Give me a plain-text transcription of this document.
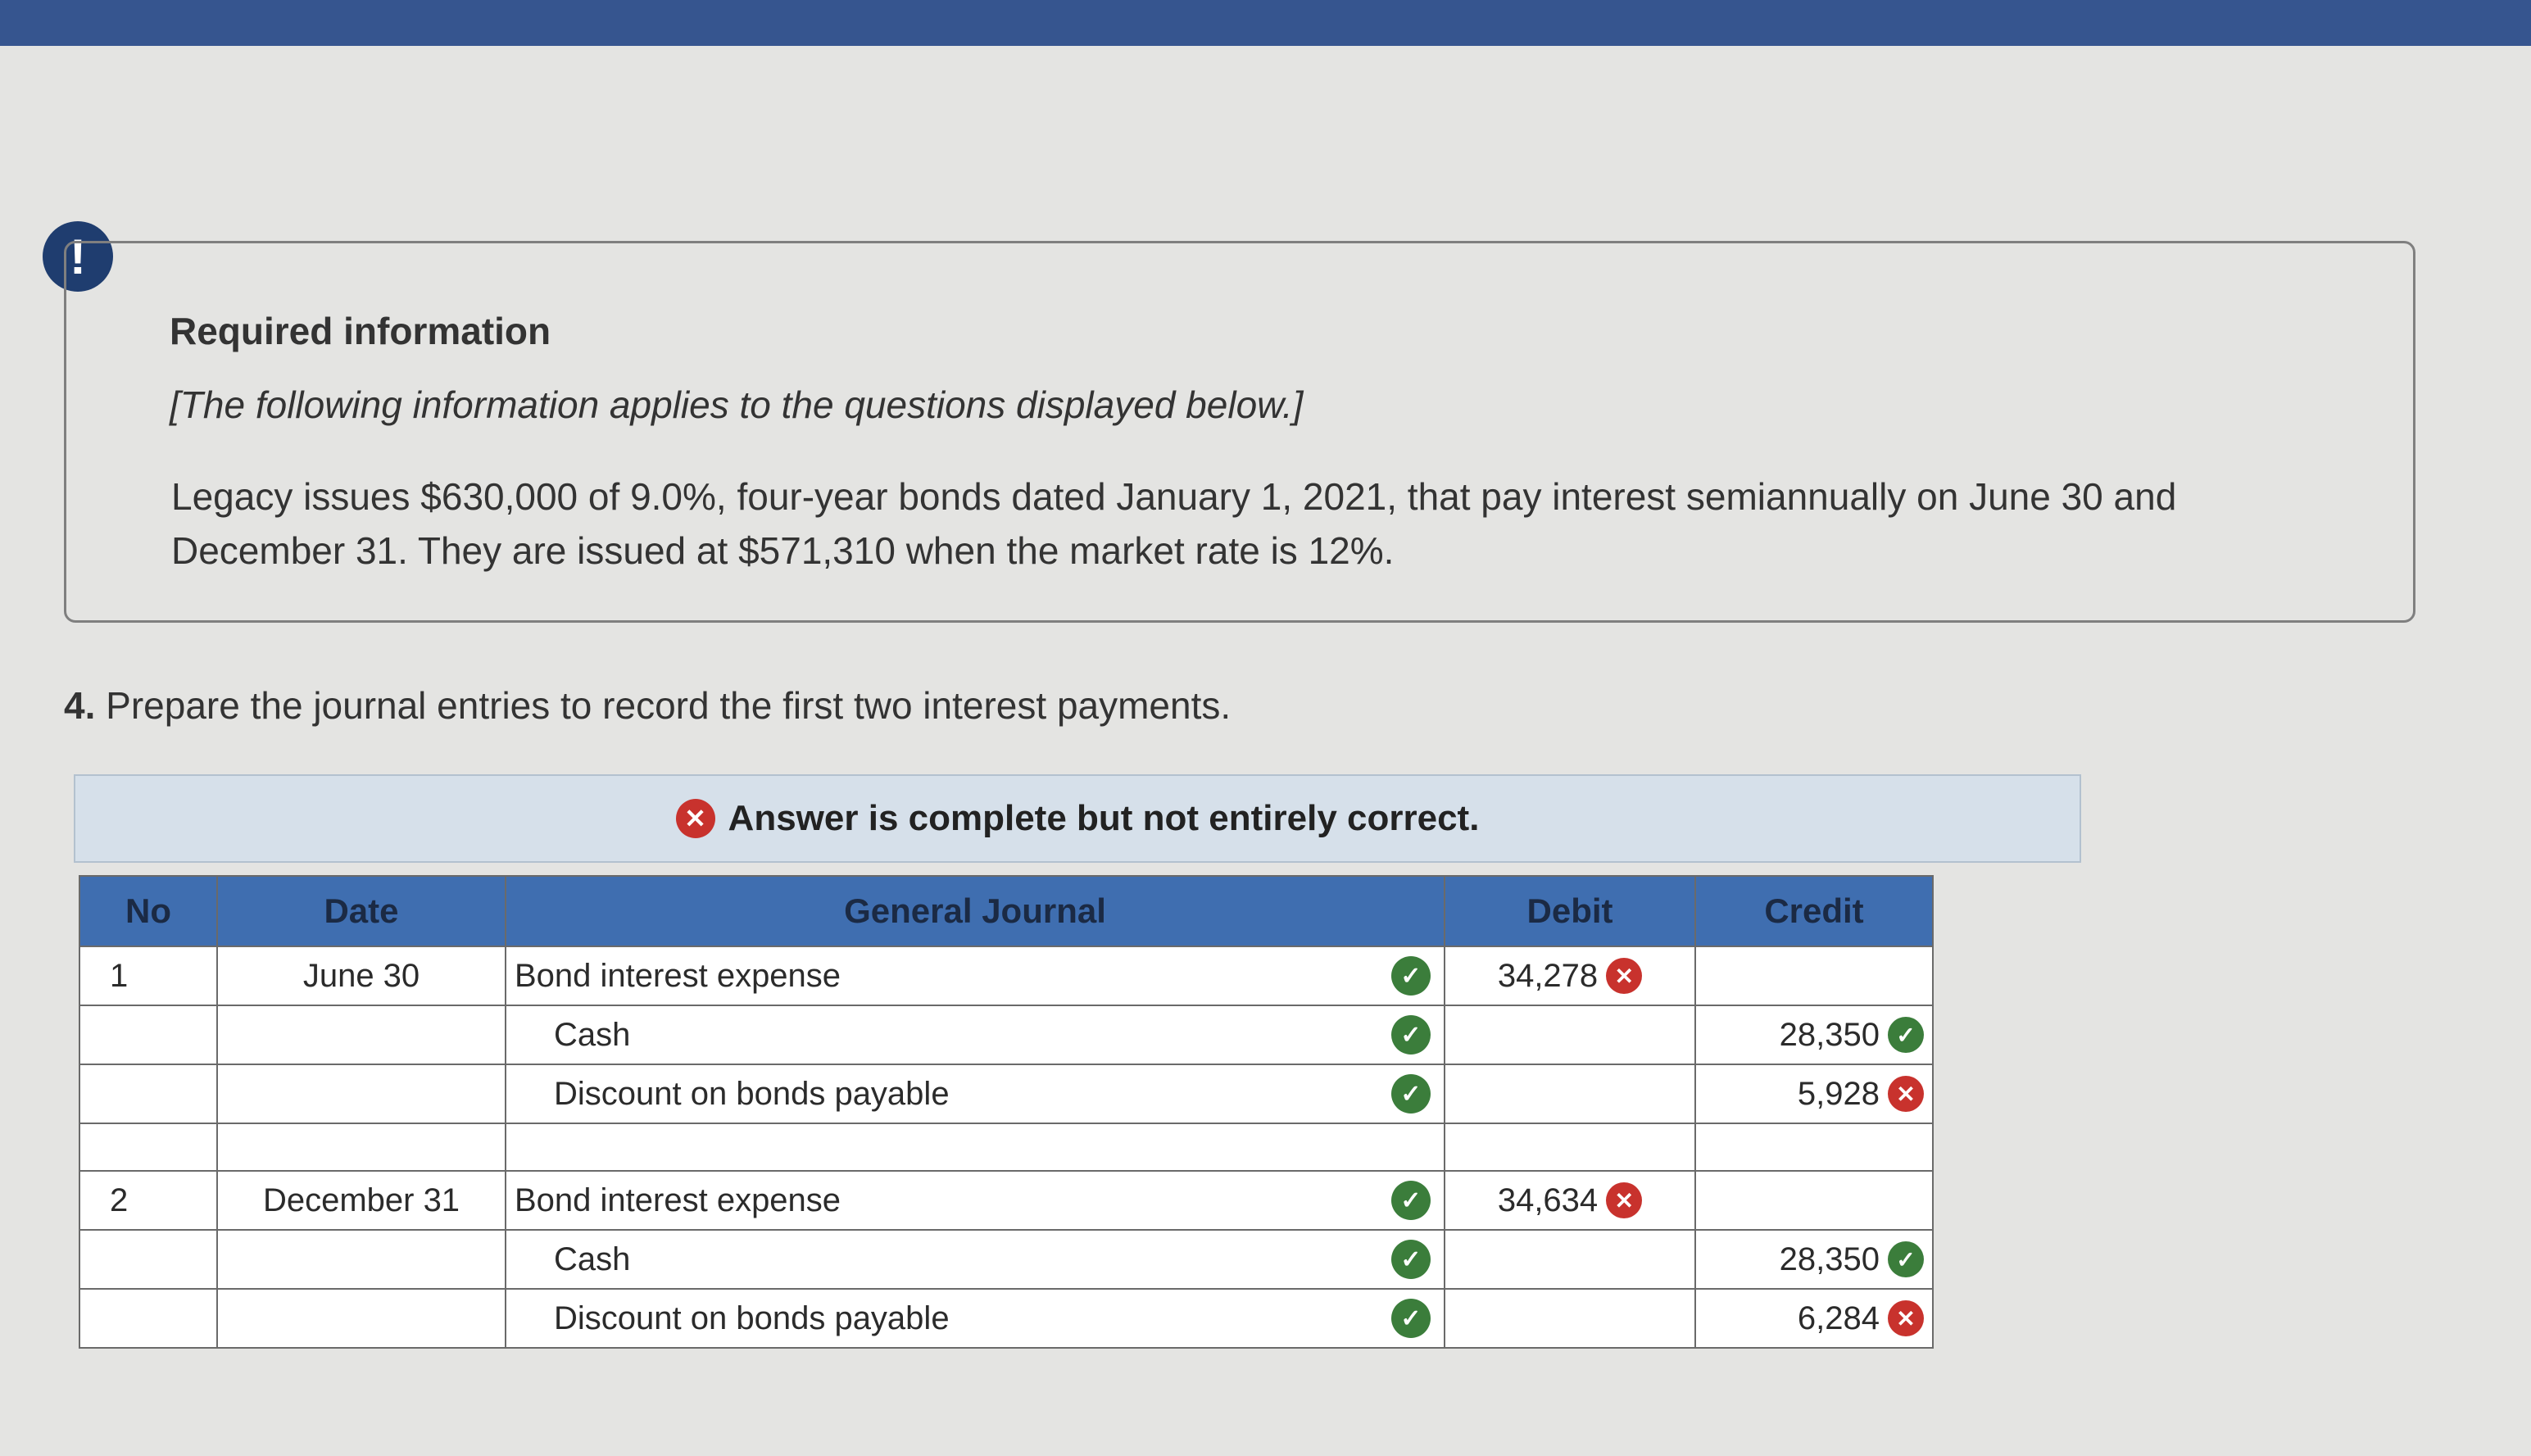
!
Required information
[The following information applies to the questions displayed below.]
Legacy issues $630,000 of 9.0%, four-year bonds dated January 1, 2021, that pay interest semiannually on June 30 and December 31. They are issued at $571,310 when the market rate is 12%.
4. Prepare the journal entries to record the first two interest payments.
✕ Answer is complete but not entirely correct.
No	Date	General Journal	Debit	Credit
1	June 30	Bond interest expense ✓	34,278 ✕	

		Cash ✓		28,350 ✓

		Discount on bonds payable ✓		5,928 ✕

2	December 31	Bond interest expense ✓	34,634 ✕	

		Cash ✓		28,350 ✓

		Discount on bonds payable ✓		6,284 ✕
